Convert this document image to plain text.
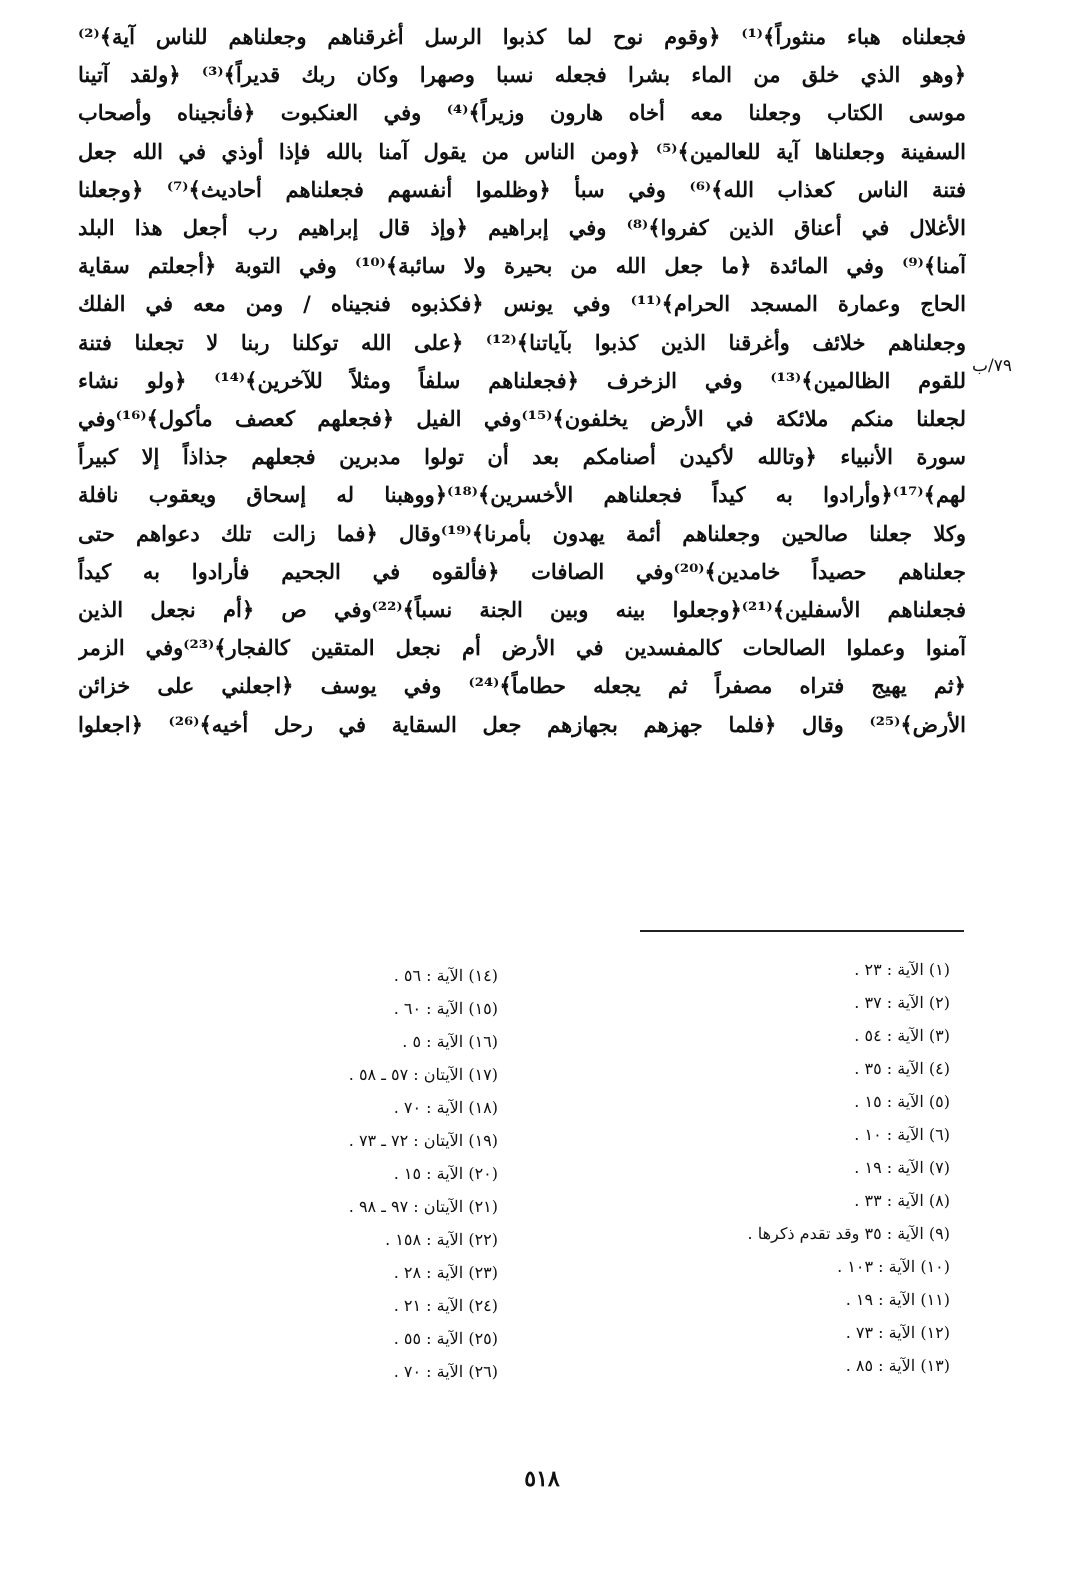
فجعلناه هباء منثوراً﴾⁽¹⁾ ﴿وقوم نوح لما كذبوا الرسل أغرقناهم وجعلناهم للناس آية﴾⁽²⁾
﴿وهو الذي خلق من الماء بشرا فجعله نسبا وصهرا وكان ربك قديراً﴾⁽³⁾ ﴿ولقد آتينا
موسى الكتاب وجعلنا معه أخاه هارون وزيراً﴾⁽⁴⁾ وفي العنكبوت ﴿فأنجيناه وأصحاب
السفينة وجعلناها آية للعالمين﴾⁽⁵⁾ ﴿ومن الناس من يقول آمنا بالله فإذا أوذي في الله جعل
فتنة الناس كعذاب الله﴾⁽⁶⁾ وفي سبأ ﴿وظلموا أنفسهم فجعلناهم أحاديث﴾⁽⁷⁾ ﴿وجعلنا
الأغلال في أعناق الذين كفروا﴾⁽⁸⁾ وفي إبراهيم ﴿وإذ قال إبراهيم رب أجعل هذا البلد
آمنا﴾⁽⁹⁾ وفي المائدة ﴿ما جعل الله من بحيرة ولا سائبة﴾⁽¹⁰⁾ وفي التوبة ﴿أجعلتم سقاية
الحاج وعمارة المسجد الحرام﴾⁽¹¹⁾ وفي يونس ﴿فكذبوه فنجيناه / ومن معه في الفلك
وجعلناهم خلائف وأغرقنا الذين كذبوا بآياتنا﴾⁽¹²⁾ ﴿على الله توكلنا ربنا لا تجعلنا فتنة
للقوم الظالمين﴾⁽¹³⁾ وفي الزخرف ﴿فجعلناهم سلفاً ومثلاً للآخرين﴾⁽¹⁴⁾ ﴿ولو نشاء
لجعلنا منكم ملائكة في الأرض يخلفون﴾⁽¹⁵⁾وفي الفيل ﴿فجعلهم كعصف مأكول﴾⁽¹⁶⁾وفي
سورة الأنبياء ﴿وتالله لأكيدن أصنامكم بعد أن تولوا مدبرين فجعلهم جذاذاً إلا كبيراً
لهم﴾⁽¹⁷⁾﴿وأرادوا به كيداً فجعلناهم الأخسرين﴾⁽¹⁸⁾﴿ووهبنا له إسحاق ويعقوب نافلة
وكلا جعلنا صالحين وجعلناهم أئمة يهدون بأمرنا﴾⁽¹⁹⁾وقال ﴿فما زالت تلك دعواهم حتى
جعلناهم حصيداً خامدين﴾⁽²⁰⁾وفي الصافات ﴿فألقوه في الجحيم فأرادوا به كيداً
فجعلناهم الأسفلين﴾⁽²¹⁾﴿وجعلوا بينه وبين الجنة نسباً﴾⁽²²⁾وفي ص ﴿أم نجعل الذين
آمنوا وعملوا الصالحات كالمفسدين في الأرض أم نجعل المتقين كالفجار﴾⁽²³⁾وفي الزمر
﴿ثم يهيج فتراه مصفراً ثم يجعله حطاماً﴾⁽²⁴⁾ وفي يوسف ﴿اجعلني على خزائن
الأرض﴾⁽²⁵⁾ وقال ﴿فلما جهزهم بجهازهم جعل السقاية في رحل أخيه﴾⁽²⁶⁾ ﴿اجعلوا
٧٩/ب
(١) الآية : ٢٣ .
(٢) الآية : ٣٧ .
(٣) الآية : ٥٤ .
(٤) الآية : ٣٥ .
(٥) الآية : ١٥ .
(٦) الآية : ١٠ .
(٧) الآية : ١٩ .
(٨) الآية : ٣٣ .
(٩) الآية : ٣٥ وقد تقدم ذكرها .
(١٠) الآية : ١٠٣ .
(١١) الآية : ١٩ .
(١٢) الآية : ٧٣ .
(١٣) الآية : ٨٥ .
(١٤) الآية : ٥٦ .
(١٥) الآية : ٦٠ .
(١٦) الآية : ٥ .
(١٧) الآيتان : ٥٧ ـ ٥٨ .
(١٨) الآية : ٧٠ .
(١٩) الآيتان : ٧٢ ـ ٧٣ .
(٢٠) الآية : ١٥ .
(٢١) الآيتان : ٩٧ ـ ٩٨ .
(٢٢) الآية : ١٥٨ .
(٢٣) الآية : ٢٨ .
(٢٤) الآية : ٢١ .
(٢٥) الآية : ٥٥ .
(٢٦) الآية : ٧٠ .
٥١٨
